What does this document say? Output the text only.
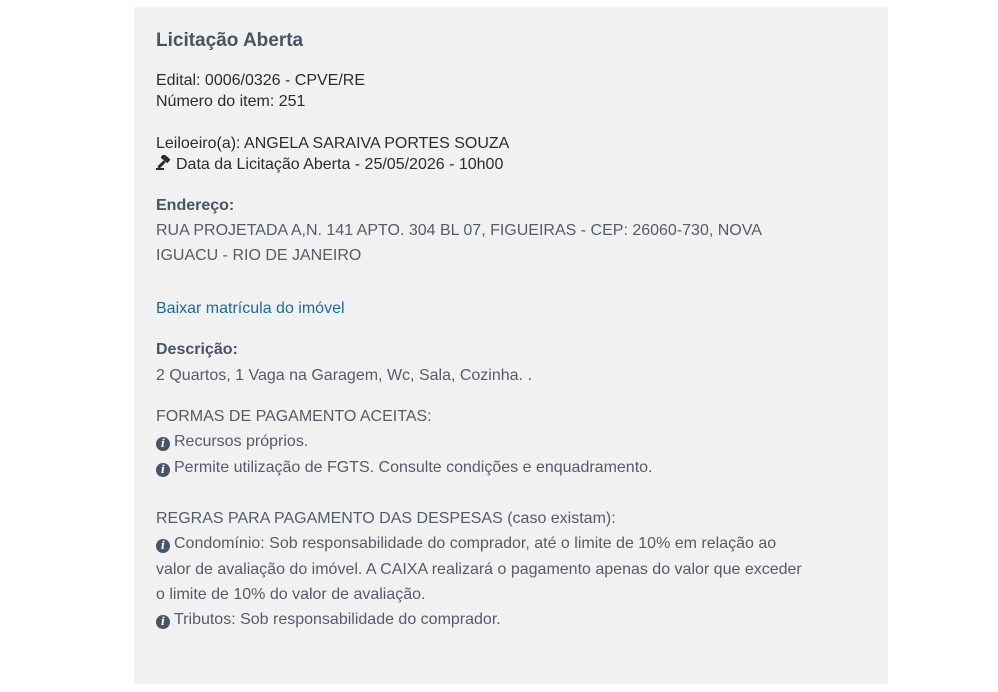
Licitação Aberta
Edital: 0006/0326 - CPVE/RE
Número do item: 251
Leiloeiro(a): ANGELA SARAIVA PORTES SOUZA
Data da Licitação Aberta - 25/05/2026 - 10h00
Endereço:
RUA PROJETADA A,N. 141 APTO. 304 BL 07, FIGUEIRAS - CEP: 26060-730, NOVA
IGUACU - RIO DE JANEIRO
Baixar matrícula do imóvel
Descrição:
2 Quartos, 1 Vaga na Garagem, Wc, Sala, Cozinha. .
FORMAS DE PAGAMENTO ACEITAS:
i Recursos próprios.
i Permite utilização de FGTS. Consulte condições e enquadramento.
REGRAS PARA PAGAMENTO DAS DESPESAS (caso existam):
i Condomínio: Sob responsabilidade do comprador, até o limite de 10% em relação ao
valor de avaliação do imóvel. A CAIXA realizará o pagamento apenas do valor que exceder
o limite de 10% do valor de avaliação.
i Tributos: Sob responsabilidade do comprador.
